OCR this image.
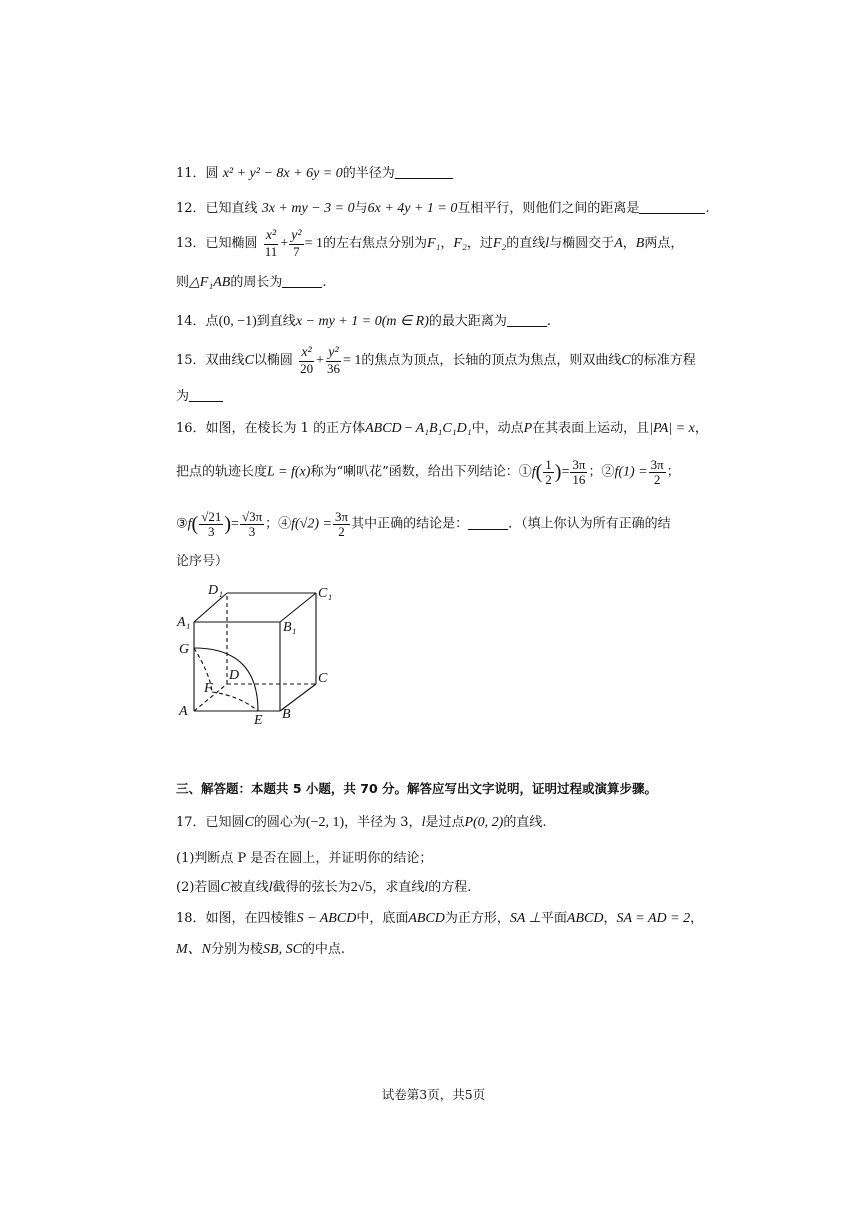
11．圆 x² + y² − 8x + 6y = 0的半径为
12．已知直线 3x + my − 3 = 0与6x + 4y + 1 = 0互相平行，则他们之间的距离是	.
13．已知椭圆 $\frac{\text{x²}}{11} + \frac{\text{y²}}{7} = 1$的左右焦点分别为F₁，F₂，过F₂的直线l与椭圆交于A，B两点，
则△F₁AB的周长为	.
14．点(0, −1)到直线x − my + 1 = 0(m ∈ R)的最大距离为	.
15．双曲线C以椭圆 $\frac{\text{x²}}{20} + \frac{\text{y²}}{36} = 1$的焦点为顶点，长轴的顶点为焦点，则双曲线C的标准方程
为
16．如图，在棱长为 1 的正方体ABCD − A₁B₁C₁D₁中，动点P在其表面上运动，且|PA| = x，
把点的轨迹长度L = f(x)称为“喇叭花”函数，给出下列结论：①f( $\frac{1}{2}$ )= $\frac{3\pi}{16}$ ；②f(1) = $\frac{3\pi}{2}$ ；
③f( $\frac{√21}{3}$ )= $\frac{√3\pi}{3}$ ；④f(√2) = $\frac{3\pi}{2}$ 其中正确的结论是：	．（填上你认为所有正确的结
论序号）
D₁	C₁
A₁	B₁
G
D	C
F
A
E B
三、解答题：本题共 5 小题，共 70 分。解答应写出文字说明，证明过程或演算步骤。
17．已知圆C的圆心为(−2, 1)，半径为 3，l是过点P(0, 2)的直线.
(1)判断点 P 是否在圆上，并证明你的结论；
(2)若圆C被直线l截得的弦长为2√5，求直线l的方程.
18．如图，在四棱锥S − ABCD中，底面ABCD为正方形，SA ⊥平面ABCD，SA = AD = 2，
M、N分别为棱SB, SC的中点.
试卷第3页，共5页
